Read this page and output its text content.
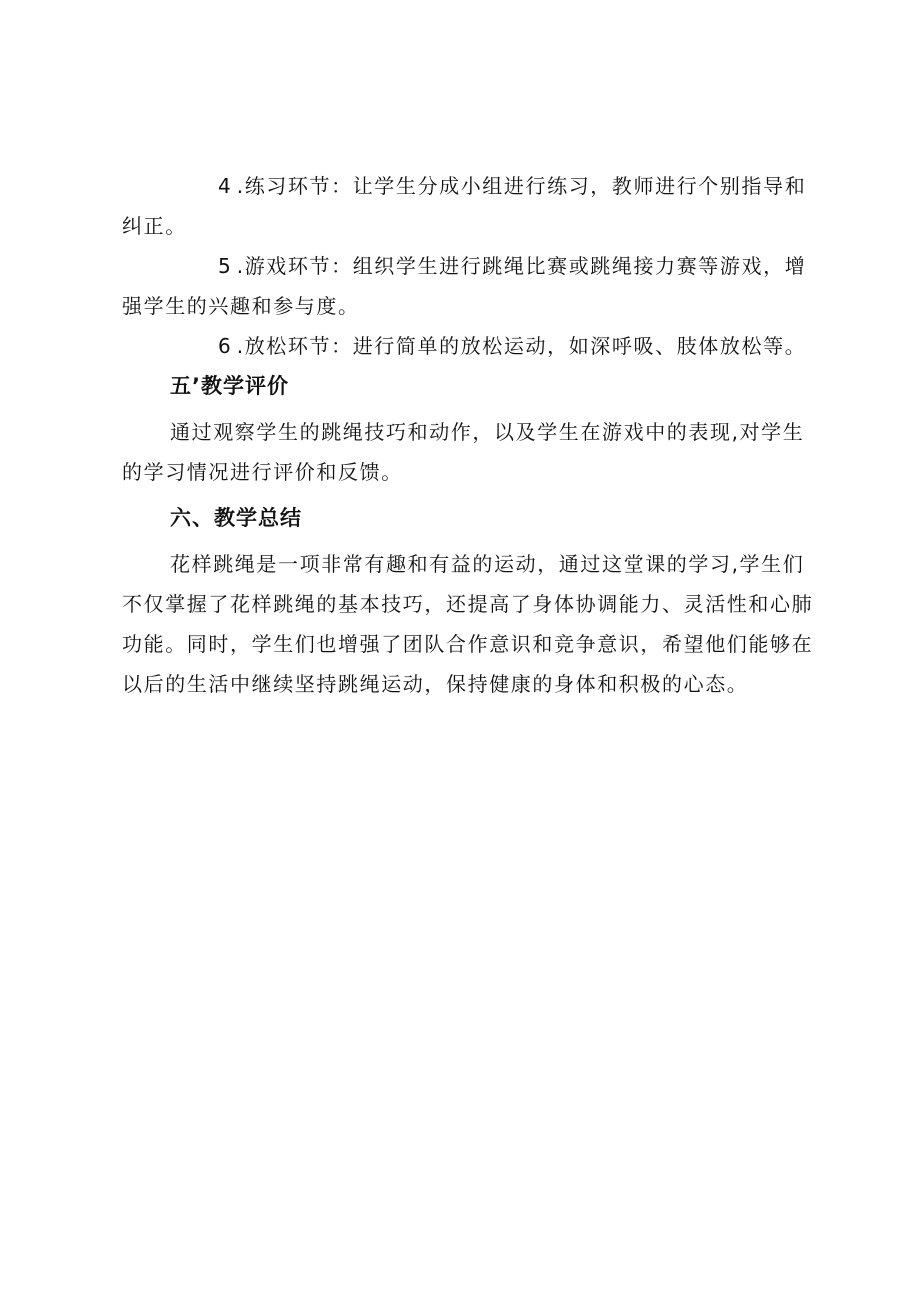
4.练习环节：让学生分成小组进行练习，教师进行个别指导和纠正。

5.游戏环节：组织学生进行跳绳比赛或跳绳接力赛等游戏，增强学生的兴趣和参与度。

6.放松环节：进行简单的放松运动，如深呼吸、肢体放松等。

五’教学评价

通过观察学生的跳绳技巧和动作，以及学生在游戏中的表现,对学生的学习情况进行评价和反馈。

六、教学总结

花样跳绳是一项非常有趣和有益的运动，通过这堂课的学习,学生们不仅掌握了花样跳绳的基本技巧，还提高了身体协调能力、灵活性和心肺功能。同时，学生们也增强了团队合作意识和竞争意识，希望他们能够在以后的生活中继续坚持跳绳运动，保持健康的身体和积极的心态。
